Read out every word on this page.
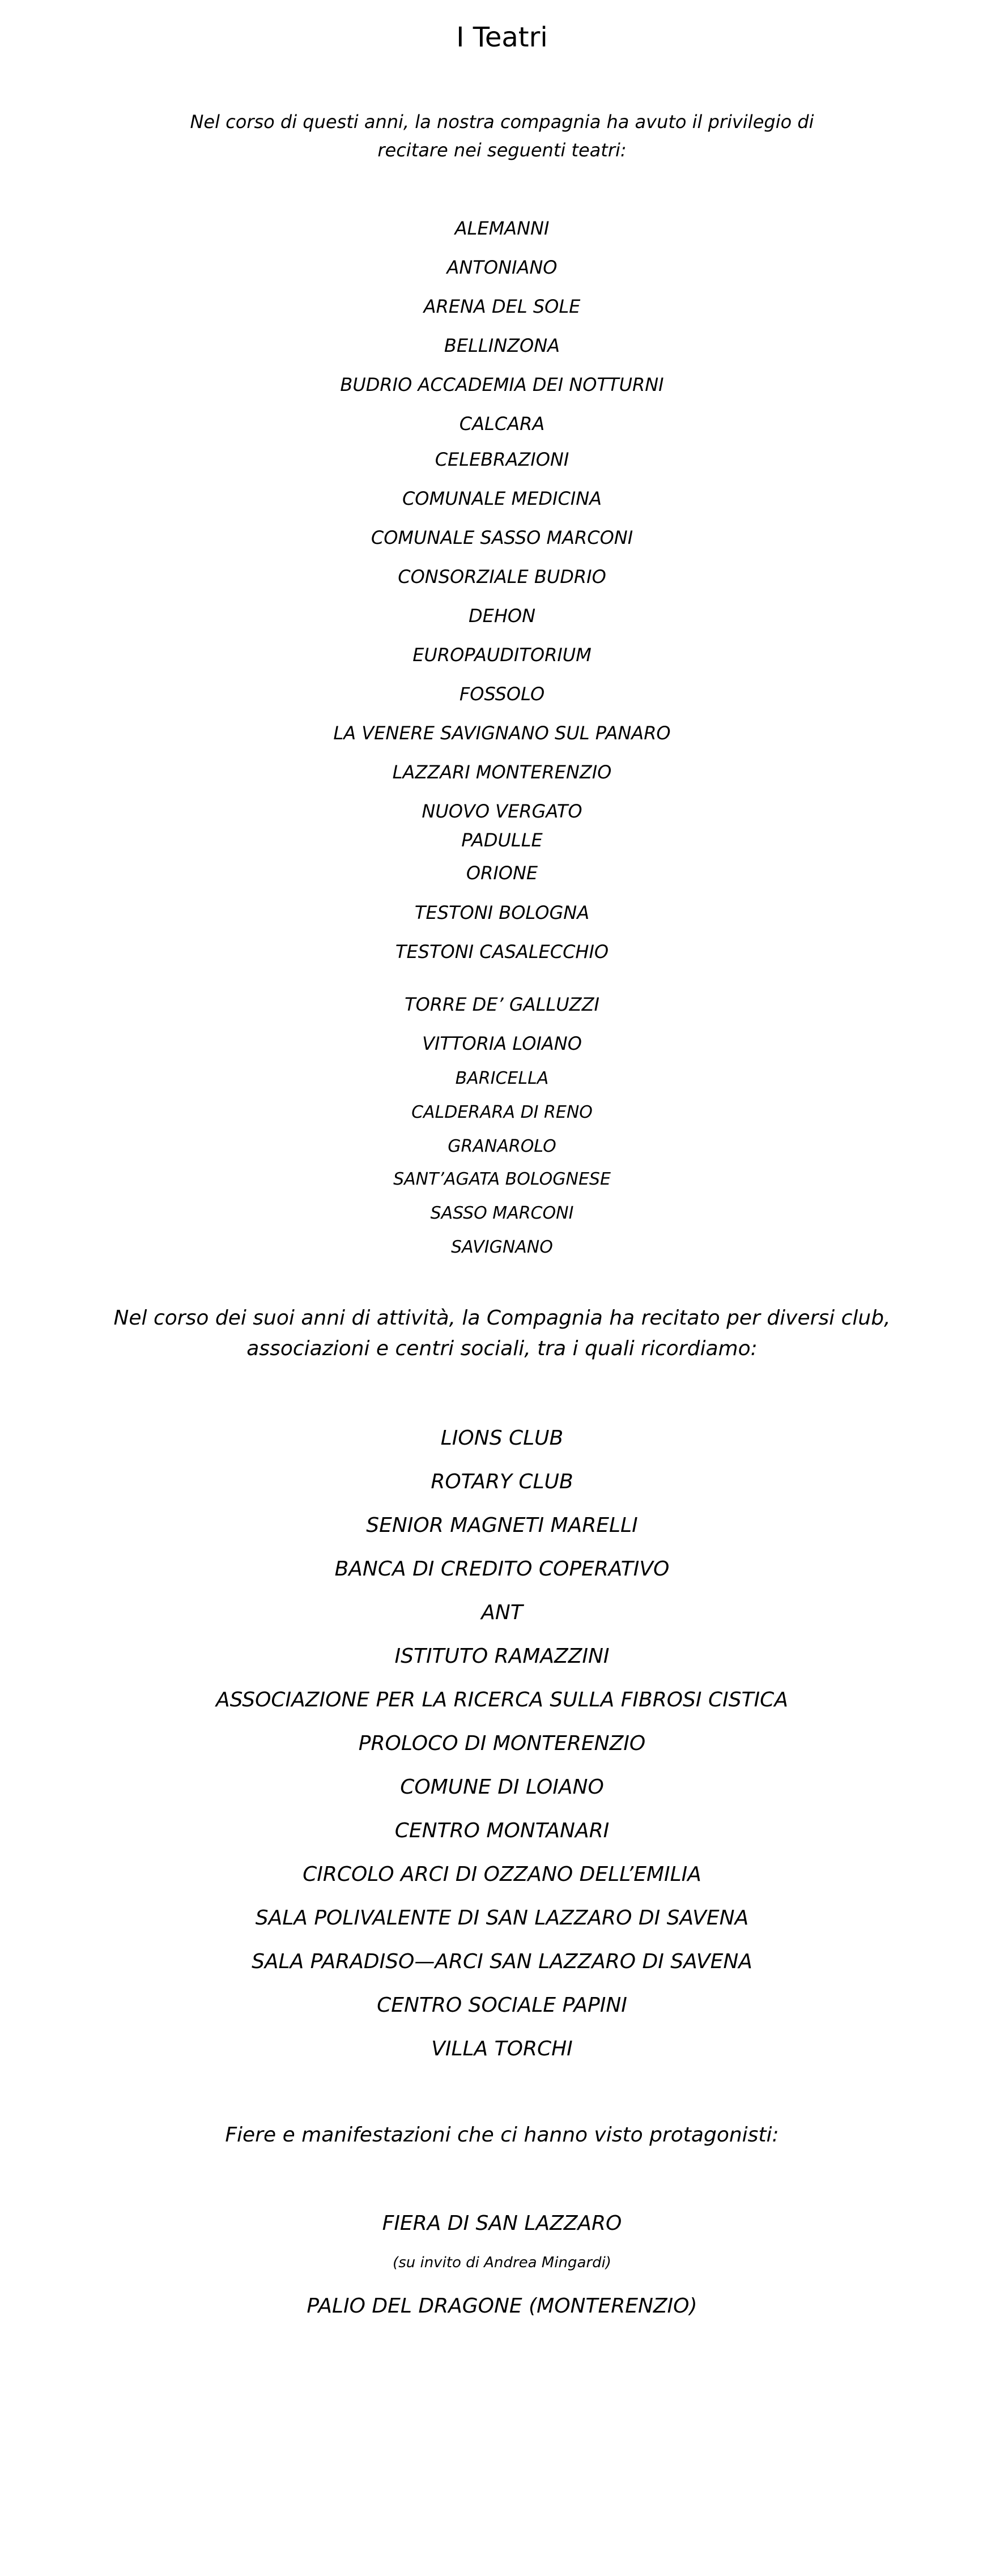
I Teatri
Nel corso di questi anni, la nostra compagnia ha avuto il privilegio di
recitare nei seguenti teatri:
ALEMANNI
ANTONIANO
ARENA DEL SOLE
BELLINZONA
BUDRIO ACCADEMIA DEI NOTTURNI
CALCARA
CELEBRAZIONI
COMUNALE MEDICINA
COMUNALE SASSO MARCONI
CONSORZIALE BUDRIO
DEHON
EUROPAUDITORIUM
FOSSOLO
LA VENERE SAVIGNANO SUL PANARO
LAZZARI MONTERENZIO
NUOVO VERGATO
PADULLE
ORIONE
TESTONI BOLOGNA
TESTONI CASALECCHIO
TORRE DE’ GALLUZZI
VITTORIA LOIANO
BARICELLA
CALDERARA DI RENO
GRANAROLO
SANT’AGATA BOLOGNESE
SASSO MARCONI
SAVIGNANO
Nel corso dei suoi anni di attività, la Compagnia ha recitato per diversi club,
associazioni e centri sociali, tra i quali ricordiamo:
LIONS CLUB
ROTARY CLUB
SENIOR MAGNETI MARELLI
BANCA DI CREDITO COPERATIVO
ANT
ISTITUTO RAMAZZINI
ASSOCIAZIONE PER LA RICERCA SULLA FIBROSI CISTICA
PROLOCO DI MONTERENZIO
COMUNE DI LOIANO
CENTRO MONTANARI
CIRCOLO ARCI DI OZZANO DELL’EMILIA
SALA POLIVALENTE DI SAN LAZZARO DI SAVENA
SALA PARADISO—ARCI SAN LAZZARO DI SAVENA
CENTRO SOCIALE PAPINI
VILLA TORCHI
Fiere e manifestazioni che ci hanno visto protagonisti:
FIERA DI SAN LAZZARO
(su invito di Andrea Mingardi)
PALIO DEL DRAGONE (MONTERENZIO)
